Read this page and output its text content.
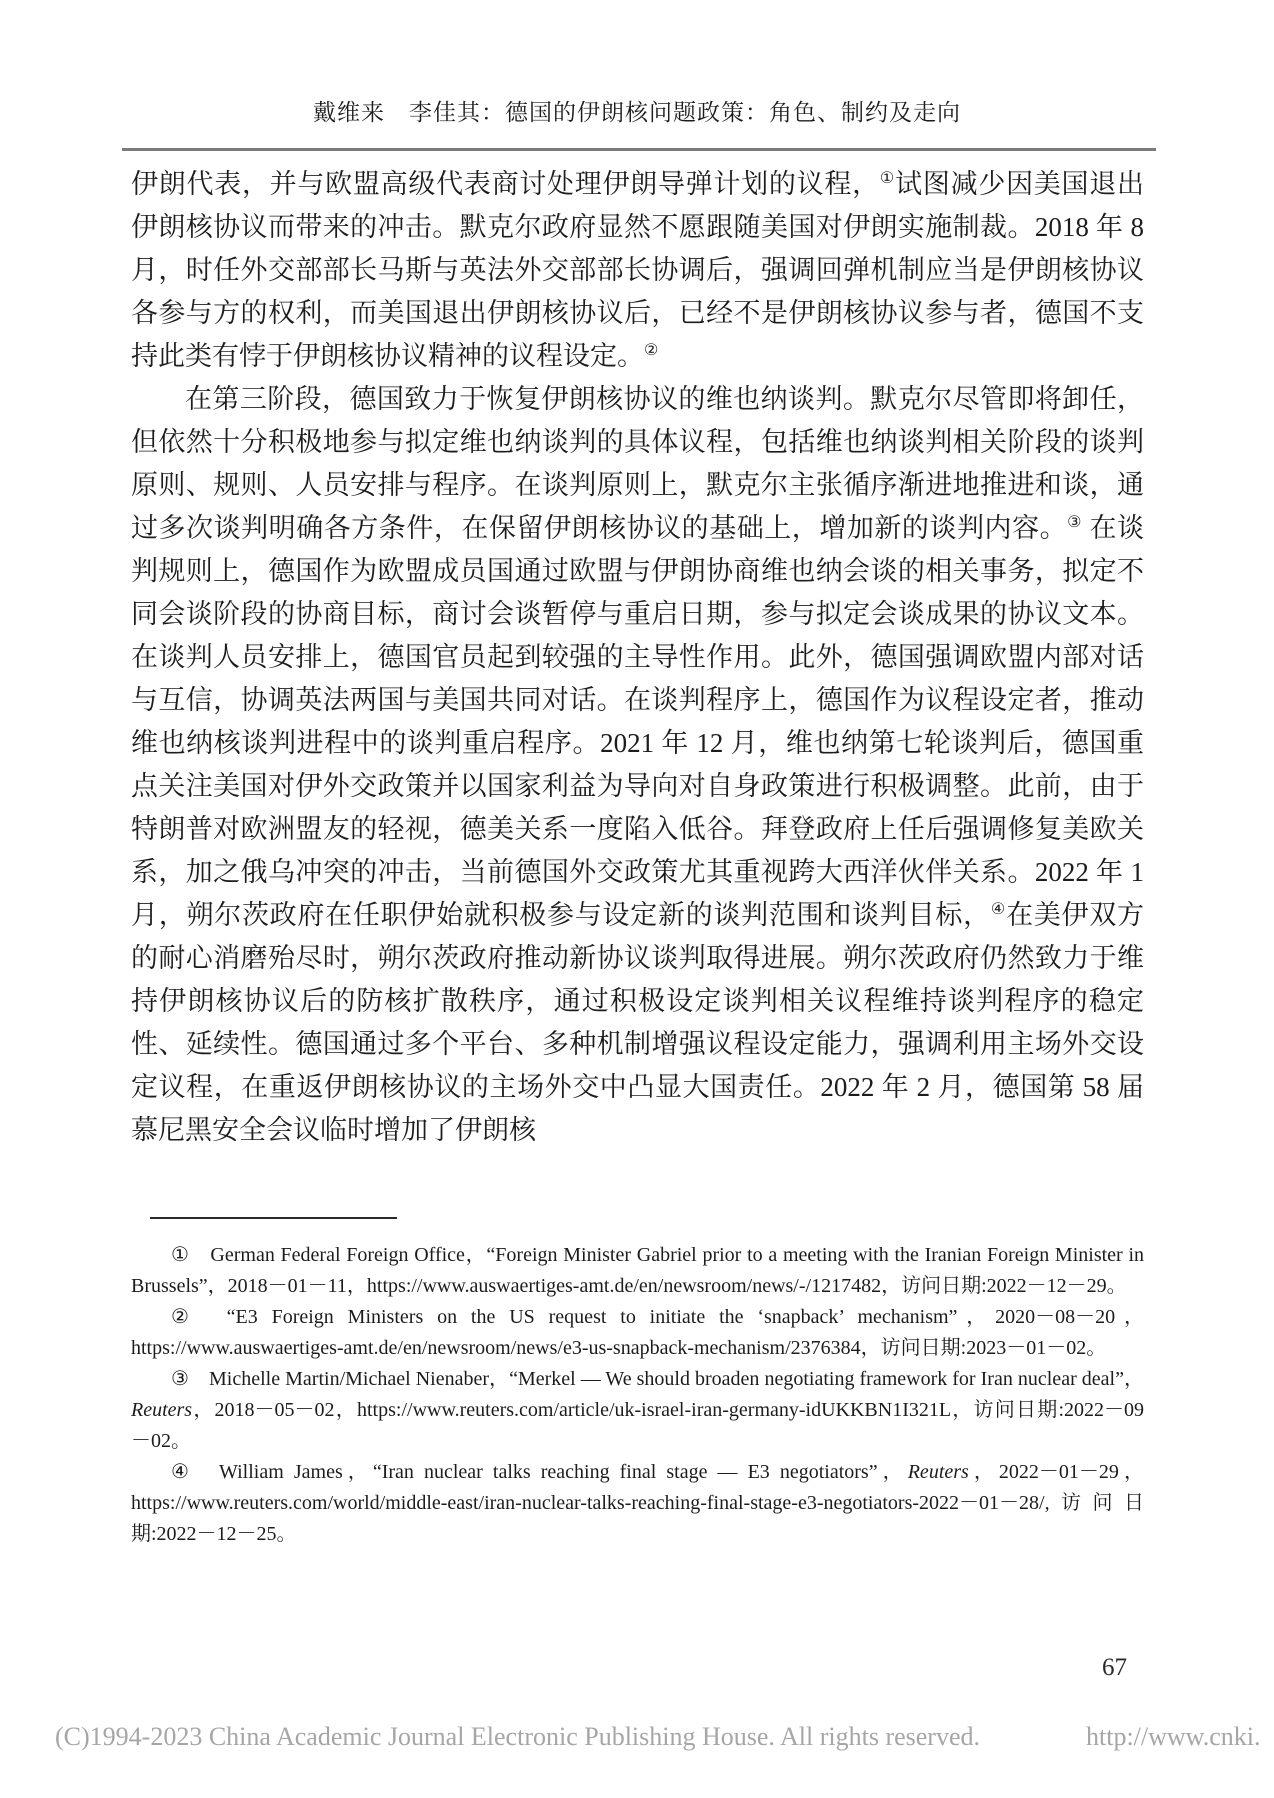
戴维来　李佳其：德国的伊朗核问题政策：角色、制约及走向

伊朗代表，并与欧盟高级代表商讨处理伊朗导弹计划的议程，①试图减少因美国退出伊朗核协议而带来的冲击。默克尔政府显然不愿跟随美国对伊朗实施制裁。2018 年 8 月，时任外交部部长马斯与英法外交部部长协调后，强调回弹机制应当是伊朗核协议各参与方的权利，而美国退出伊朗核协议后，已经不是伊朗核协议参与者，德国不支持此类有悖于伊朗核协议精神的议程设定。②

在第三阶段，德国致力于恢复伊朗核协议的维也纳谈判。默克尔尽管即将卸任，但依然十分积极地参与拟定维也纳谈判的具体议程，包括维也纳谈判相关阶段的谈判原则、规则、人员安排与程序。在谈判原则上，默克尔主张循序渐进地推进和谈，通过多次谈判明确各方条件，在保留伊朗核协议的基础上，增加新的谈判内容。③ 在谈判规则上，德国作为欧盟成员国通过欧盟与伊朗协商维也纳会谈的相关事务，拟定不同会谈阶段的协商目标，商讨会谈暂停与重启日期，参与拟定会谈成果的协议文本。在谈判人员安排上，德国官员起到较强的主导性作用。此外，德国强调欧盟内部对话与互信，协调英法两国与美国共同对话。在谈判程序上，德国作为议程设定者，推动维也纳核谈判进程中的谈判重启程序。2021 年 12 月，维也纳第七轮谈判后，德国重点关注美国对伊外交政策并以国家利益为导向对自身政策进行积极调整。此前，由于特朗普对欧洲盟友的轻视，德美关系一度陷入低谷。拜登政府上任后强调修复美欧关系，加之俄乌冲突的冲击，当前德国外交政策尤其重视跨大西洋伙伴关系。2022 年 1 月，朔尔茨政府在任职伊始就积极参与设定新的谈判范围和谈判目标，④在美伊双方的耐心消磨殆尽时，朔尔茨政府推动新协议谈判取得进展。朔尔茨政府仍然致力于维持伊朗核协议后的防核扩散秩序，通过积极设定谈判相关议程维持谈判程序的稳定性、延续性。德国通过多个平台、多种机制增强议程设定能力，强调利用主场外交设定议程，在重返伊朗核协议的主场外交中凸显大国责任。2022 年 2 月，德国第 58 届慕尼黑安全会议临时增加了伊朗核

①　German Federal Foreign Office，“Foreign Minister Gabriel prior to a meeting with the Iranian Foreign Minister in Brussels”，2018－01－11，https://www.auswaertiges-amt.de/en/newsroom/news/-/1217482，访问日期:2022－12－29。

②　“E3 Foreign Ministers on the US request to initiate the ‘snapback’ mechanism”，2020－08－20，https://www.auswaertiges-amt.de/en/newsroom/news/e3-us-snapback-mechanism/2376384，访问日期:2023－01－02。

③　Michelle Martin/Michael Nienaber，“Merkel — We should broaden negotiating framework for Iran nuclear deal”，Reuters，2018－05－02，https://www.reuters.com/article/uk-israel-iran-germany-idUKKBN1I321L，访问日期:2022－09－02。

④　William James，“Iran nuclear talks reaching final stage — E3 negotiators”，Reuters，2022－01－29，https://www.reuters.com/world/middle-east/iran-nuclear-talks-reaching-final-stage-e3-negotiators-2022－01－28/,访问日期:2022－12－25。

67
(C)1994-2023 China Academic Journal Electronic Publishing House. All rights reserved.	http://www.cnki.
